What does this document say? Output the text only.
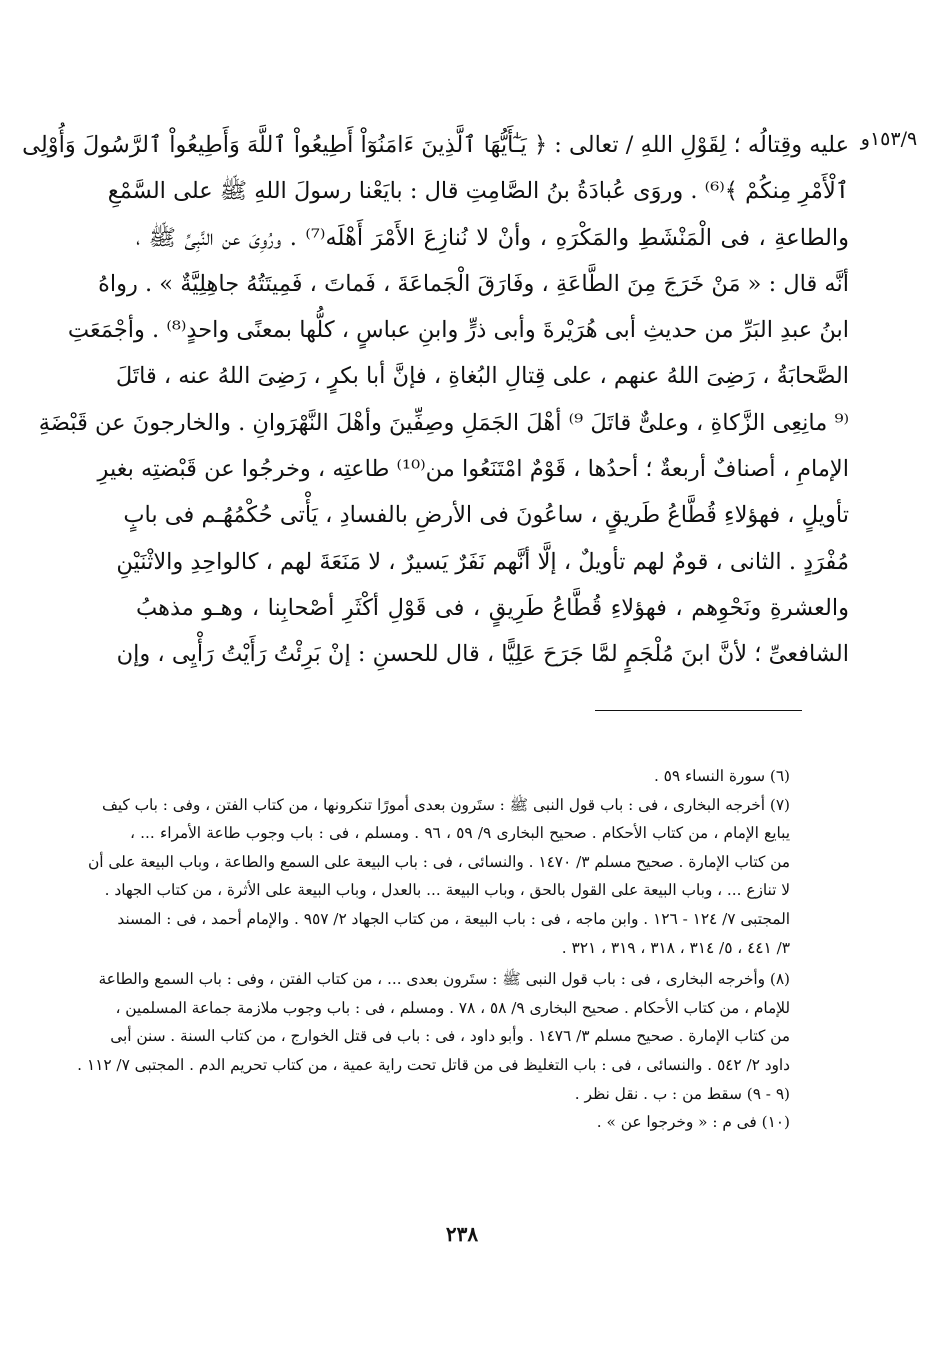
١٥٣/٩و
عليه وقِتالُه ؛ لِقَوْلِ اللهِ / تعالى : ﴿ يَـٰٓأَيُّهَا ٱلَّذِينَ ءَامَنُوٓاْ أَطِيعُواْ ٱللَّهَ وَأَطِيعُواْ ٱلرَّسُولَ وَأُوْلِى
ٱلْأَمْرِ مِنكُمْ ﴾⁽⁶⁾ . وروَى عُبادَةُ بنُ الصَّامِتِ قال : بايَعْنا رسولَ اللهِ ﷺ على السَّمْعِ
والطاعةِ ، فى الْمَنْشَطِ والمَكْرَهِ ، وأنْ لا نُنازِعَ الأَمْرَ أَهْلَه⁽⁷⁾ . ورُوِىَ عن النَّبِىِّ ﷺ ،
أنَّه قال : « مَنْ خَرَجَ مِنَ الطَّاعَةِ ، وفَارَقَ الْجَماعَةَ ، فَماتَ ، فَمِيتَتُهُ جاهِلِيَّةٌ » . رواهُ
ابنُ عبدِ البَرِّ من حديثِ أبى هُرَيْرةَ وأبى ذرٍّ وابنِ عباسٍ ، كلُّها بمعنًى واحدٍ⁽⁸⁾ . وأجْمَعَتِ
الصَّحابَةُ ، رَضِىَ اللهُ عنهم ، على قِتالِ البُغاةِ ، فإنَّ أبا بكرٍ ، رَضِىَ اللهُ عنه ، قاتَلَ
⁽⁹ مانِعِى الزَّكاةِ ، وعلىٌّ قاتَلَ ⁹⁾ أهْلَ الجَمَلِ وصِفِّينَ وأهْلَ النَّهْرَوانِ . والخارجونَ عن قَبْضَةِ
الإمامِ ، أصنافٌ أربعةٌ ؛ أحدُها ، قَوْمٌ امْتَنَعُوا من⁽¹⁰⁾ طاعتِه ، وخرجُوا عن قَبْضتِه بغيرِ
تأويلٍ ، فهؤلاءِ قُطَّاعُ طَريقٍ ، ساعُونَ فى الأرضِ بالفسادِ ، يَأْتى حُكْمُهُـم فى بابٍ
مُفْرَدٍ . الثانى ، قومٌ لهم تأويلٌ ، إلَّا أنَّهم نَفَرٌ يَسيرٌ ، لا مَنَعَةَ لهم ، كالواحِدِ والاثْنَيْنِ
والعشرةِ ونَحْوِهم ، فهؤلاءِ قُطَّاعُ طَرِيقٍ ، فى قَوْلِ أكْثَرِ أصْحابِنا ، وهـو مذهبُ
الشافعىِّ ؛ لأنَّ ابنَ مُلْجَمٍ لمَّا جَرَحَ عَلِيًّا ، قال للحسنِ : إنْ بَرِئْتُ رَأَيْتُ رَأْيِى ، وإن
(٦) سورة النساء ٥٩ .
(٧) أخرجه البخارى ، فى : باب قول النبى ﷺ : ستَرون بعدى أمورًا تنكرونها ، من كتاب الفتن ، وفى : باب كيف
يبايع الإمام ، من كتاب الأحكام . صحيح البخارى ٩/ ٥٩ ، ٩٦ . ومسلم ، فى : باب وجوب طاعة الأمراء ... ،
من كتاب الإمارة . صحيح مسلم ٣/ ١٤٧٠ . والنسائى ، فى : باب البيعة على السمع والطاعة ، وباب البيعة على أن
لا تنازع ... ، وباب البيعة على القول بالحق ، وباب البيعة ... بالعدل ، وباب البيعة على الأثرة ، من كتاب الجهاد .
المجتبى ٧/ ١٢٤ - ١٢٦ . وابن ماجه ، فى : باب البيعة ، من كتاب الجهاد ٢/ ٩٥٧ . والإمام أحمد ، فى : المسند
٣/ ٤٤١ ، ٥/ ٣١٤ ، ٣١٨ ، ٣١٩ ، ٣٢١ .
(٨) وأخرجه البخارى ، فى : باب قول النبى ﷺ : ستَرون بعدى ... ، من كتاب الفتن ، وفى : باب السمع والطاعة
للإمام ، من كتاب الأحكام . صحيح البخارى ٩/ ٥٨ ، ٧٨ . ومسلم ، فى : باب وجوب ملازمة جماعة المسلمين ،
من كتاب الإمارة . صحيح مسلم ٣/ ١٤٧٦ . وأبو داود ، فى : باب فى قتل الخوارج ، من كتاب السنة . سنن أبى
داود ٢/ ٥٤٢ . والنسائى ، فى : باب التغليظ فى من قاتل تحت راية عمية ، من كتاب تحريم الدم . المجتبى ٧/ ١١٢ .
(٩ - ٩) سقط من : ب . نقل نظر .
(١٠) فى م : « وخرجوا عن » .
٢٣٨
